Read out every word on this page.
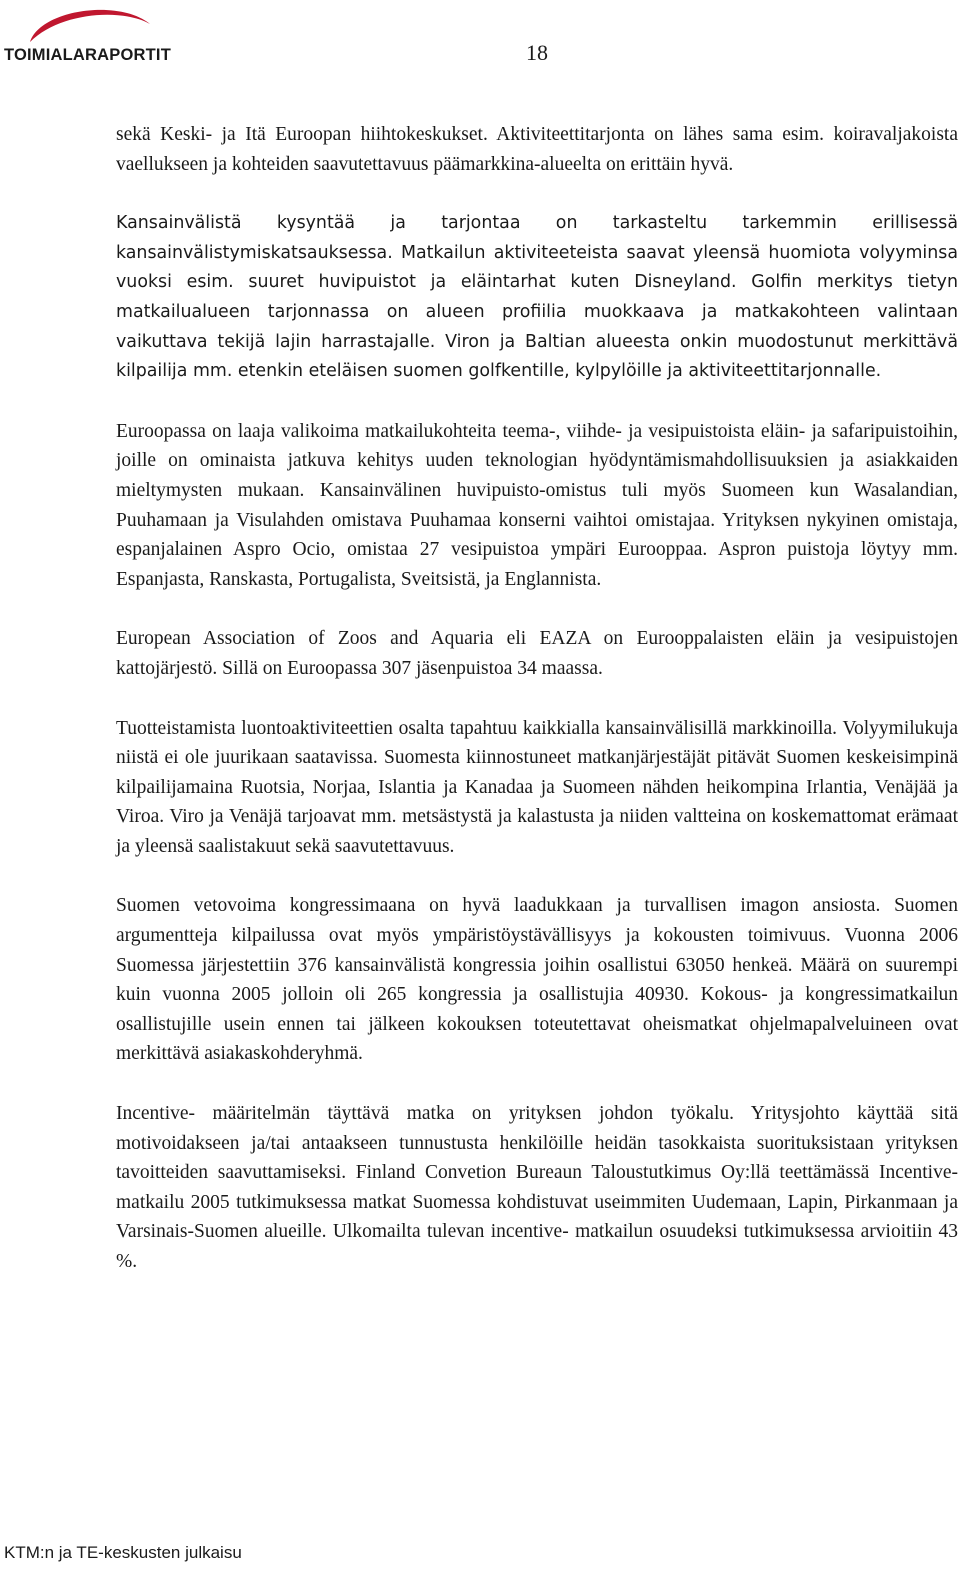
TOIMIALARAPORTIT	18

sekä Keski- ja Itä Euroopan hiihtokeskukset. Aktiviteettitarjonta on lähes sama esim. koiravaljakoista vaellukseen ja kohteiden saavutettavuus päämarkkina-alueelta on erittäin hyvä.

Kansainvälistä kysyntää ja tarjontaa on tarkasteltu tarkemmin erillisessä kansainvälistymiskatsauksessa. Matkailun aktiviteeteista saavat yleensä huomiota volyyminsa vuoksi esim. suuret huvipuistot ja eläintarhat kuten Disneyland. Golfin merkitys tietyn matkailualueen tarjonnassa on alueen profiilia muokkaava ja matkakohteen valintaan vaikuttava tekijä lajin harrastajalle. Viron ja Baltian alueesta onkin muodostunut merkittävä kilpailija mm. etenkin eteläisen suomen golfkentille, kylpylöille ja aktiviteettitarjonnalle.

Euroopassa on laaja valikoima matkailukohteita teema-, viihde- ja vesipuistoista eläin- ja safaripuistoihin, joille on ominaista jatkuva kehitys uuden teknologian hyödyntämismahdollisuuksien ja asiakkaiden mieltymysten mukaan. Kansainvälinen huvipuisto-omistus tuli myös Suomeen kun Wasalandian, Puuhamaan ja Visulahden omistava Puuhamaa konserni vaihtoi omistajaa. Yrityksen nykyinen omistaja, espanjalainen Aspro Ocio, omistaa 27 vesipuistoa ympäri Eurooppaa. Aspron puistoja löytyy mm. Espanjasta, Ranskasta, Portugalista, Sveitsistä, ja Englannista.

European Association of Zoos and Aquaria eli EAZA on Eurooppalaisten eläin ja vesipuistojen kattojärjestö. Sillä on Euroopassa 307 jäsenpuistoa 34 maassa.

Tuotteistamista luontoaktiviteettien osalta tapahtuu kaikkialla kansainvälisillä markkinoilla. Volyymilukuja niistä ei ole juurikaan saatavissa. Suomesta kiinnostuneet matkanjärjestäjät pitävät Suomen keskeisimpinä kilpailijamaina Ruotsia, Norjaa, Islantia ja Kanadaa ja Suomeen nähden heikompina Irlantia, Venäjää ja Viroa. Viro ja Venäjä tarjoavat mm. metsästystä ja kalastusta ja niiden valtteina on koskemattomat erämaat ja yleensä saalistakuut sekä saavutettavuus.

Suomen vetovoima kongressimaana on hyvä laadukkaan ja turvallisen imagon ansiosta. Suomen argumentteja kilpailussa ovat myös ympäristöystävällisyys ja kokousten toimivuus. Vuonna 2006 Suomessa järjestettiin 376 kansainvälistä kongressia joihin osallistui 63050 henkeä. Määrä on suurempi kuin vuonna 2005 jolloin oli 265 kongressia ja osallistujia 40930. Kokous- ja kongressimatkailun osallistujille usein ennen tai jälkeen kokouksen toteutettavat oheismatkat ohjelmapalveluineen ovat merkittävä asiakaskohderyhmä.

Incentive- määritelmän täyttävä matka on yrityksen johdon työkalu. Yritysjohto käyttää sitä motivoidakseen ja/tai antaakseen tunnustusta henkilöille heidän tasokkaista suorituksistaan yrityksen tavoitteiden saavuttamiseksi. Finland Convetion Bureaun Taloustutkimus Oy:llä teettämässä Incentive- matkailu 2005 tutkimuksessa matkat Suomessa kohdistuvat useimmiten Uudemaan, Lapin, Pirkanmaan ja Varsinais-Suomen alueille. Ulkomailta tulevan incentive- matkailun osuudeksi tutkimuksessa arvioitiin 43 %.

KTM:n ja TE-keskusten julkaisu
